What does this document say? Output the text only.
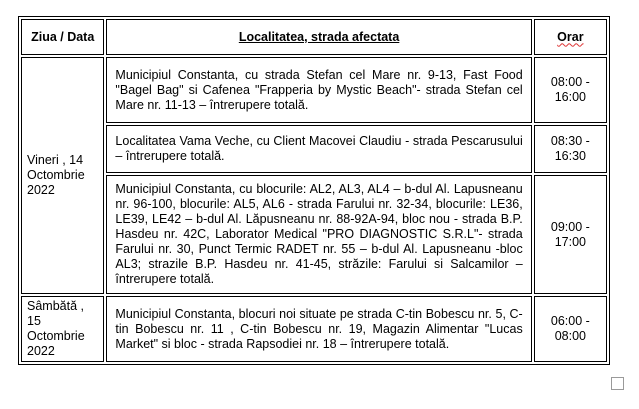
Ziua / Data	Localitatea, strada afectata	Orar
Vineri , 14 Octombrie 2022	Municipiul Constanta, cu strada Stefan cel Mare nr. 9-13, Fast Food "Bagel Bag" si Cafenea "Frapperia by Mystic Beach"- strada Stefan cel Mare nr. 11-13 – întrerupere totală.	08:00 - 16:00
	Localitatea Vama Veche, cu Client Macovei Claudiu - strada Pescarusului – întrerupere totală.	08:30 - 16:30
	Municipiul Constanta, cu blocurile: AL2, AL3, AL4 – b-dul Al. Lapusneanu nr. 96-100, blocurile: AL5, AL6 - strada Farului nr. 32-34, blocurile: LE36, LE39, LE42 – b-dul Al. Lăpusneanu nr. 88-92A-94, bloc nou - strada B.P. Hasdeu nr. 42C, Laborator Medical "PRO DIAGNOSTIC S.R.L"- strada Farului nr. 30, Punct Termic RADET nr. 55 – b-dul Al. Lapusneanu -bloc AL3; strazile B.P. Hasdeu nr. 41-45, străzile: Farului si Salcamilor – întrerupere totală.	09:00 - 17:00
Sâmbătă , 15 Octombrie 2022	Municipiul Constanta, blocuri noi situate pe strada C-tin Bobescu nr. 5, C-tin Bobescu nr. 11 , C-tin Bobescu nr. 19, Magazin Alimentar "Lucas Market" si bloc - strada Rapsodiei nr. 18 – întrerupere totală.	06:00 - 08:00
